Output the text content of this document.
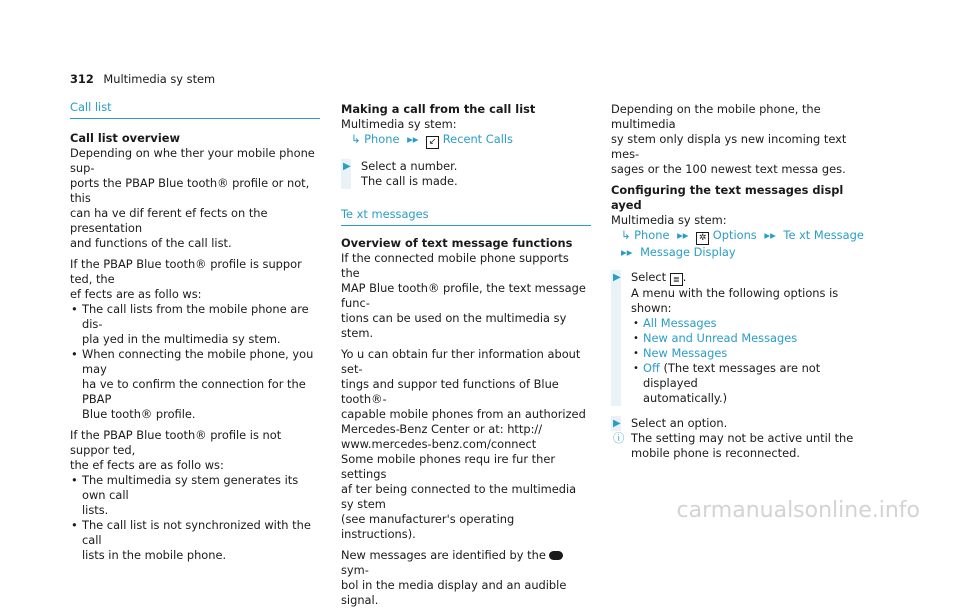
312 Multimedia sy stem
Call list

Call list overview

Depending on whe ther your mobile phone sup‐
ports the PBAP Blue tooth® profile or not, this
can ha ve dif ferent ef fects on the presentation
and functions of the call list.

If the PBAP Blue tooth® profile is suppor ted, the
ef fects are as follo ws:

• The call lists from the mobile phone are dis‐
pla yed in the multimedia sy stem.
• When connecting the mobile phone, you may
ha ve to confirm the connection for the PBAP
Blue tooth® profile.

If the PBAP Blue tooth® profile is not suppor ted,
the ef fects are as follo ws:

• The multimedia sy stem generates its own call
lists.
• The call list is not synchronized with the call
lists in the mobile phone.

Making a call from the call list

Multimedia sy stem:

↳ Phone ▸▸ ↙ Recent Calls

▶ Select a number.
The call is made.
Te xt messages

Overview of text message functions

If the connected mobile phone supports the
MAP Blue tooth® profile, the text message func‐
tions can be used on the multimedia sy stem.

Yo u can obtain fur ther information about set‐
tings and suppor ted functions of Blue tooth®-
capable mobile phones from an authorized
Mercedes-Benz Center or at: http://
www.mercedes-benz.com/connect

Some mobile phones requ ire fur ther settings
af ter being connected to the multimedia sy stem
(see manufacturer's operating instructions).

New messages are identified by the  sym‐
bol in the media display and an audible signal.

Depending on the mobile phone, the multimedia
sy stem only displa ys new incoming text mes‐
sages or the 100 newest text messa ges.

Configuring the text messages displ ayed

Multimedia sy stem:

↳ Phone ▸▸ ✲ Options ▸▸ Te xt Message

▸▸ Message Display

▶ Select ≣ .
A menu with the following options is shown:
• All Messages
• New and Unread Messages
• New Messages
• Off (The text messages are not displayed
automatically.)
▶ Select an option.
ⓘ The setting may not be active until the
mobile phone is reconnected.
carmanualsonline.info
